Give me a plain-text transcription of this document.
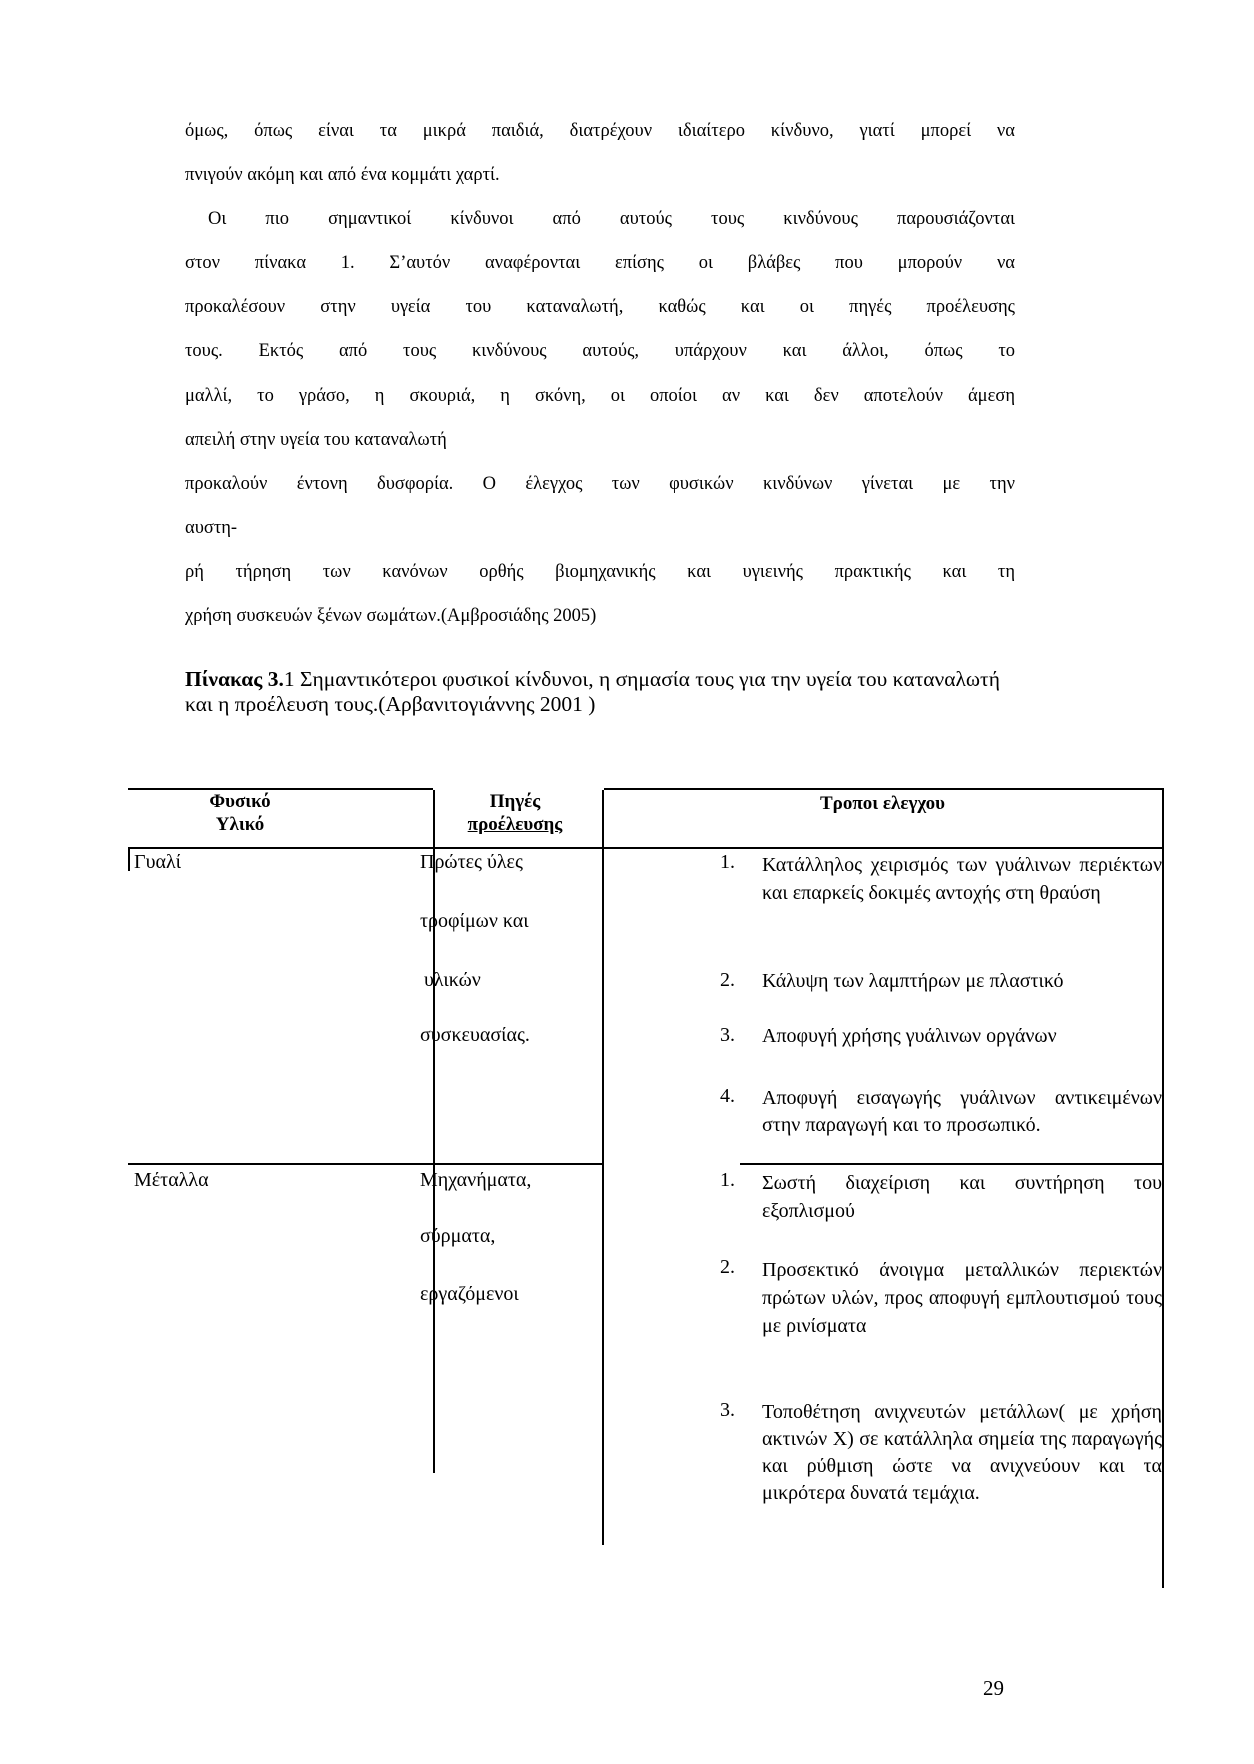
όμως, όπως είναι τα μικρά παιδιά, διατρέχουν ιδιαίτερο κίνδυνο, γιατί μπορεί να
πνιγούν ακόμη και από ένα κομμάτι χαρτί.
Οι πιο σημαντικοί κίνδυνοι από αυτούς τους κινδύνους παρουσιάζονται
στον πίνακα 1. Σ’αυτόν αναφέρονται επίσης οι βλάβες που μπορούν να
προκαλέσουν στην υγεία του καταναλωτή, καθώς και οι πηγές προέλευσης
τους. Εκτός από τους κινδύνους αυτούς, υπάρχουν και άλλοι, όπως το
μαλλί, το γράσο, η σκουριά, η σκόνη, οι οποίοι αν και δεν αποτελούν άμεση
απειλή στην υγεία του καταναλωτή
προκαλούν έντονη δυσφορία. Ο έλεγχος των φυσικών κινδύνων γίνεται με την
αυστη-
ρή τήρηση των κανόνων ορθής βιομηχανικής και υγιεινής πρακτικής και τη
χρήση συσκευών ξένων σωμάτων.(Αμβροσιάδης 2005)
Πίνακας 3.1 Σημαντικότεροι φυσικοί κίνδυνοι, η σημασία τους για την υγεία του καταναλωτή και η προέλευση τους.(Αρβανιτογιάννης 2001 )
Φυσικό
Υλικό
Πηγές
προέλευσης
Τροποι ελεγχου
Γυαλί	Πρώτες ύλες
τροφίμων και
υλικών
συσκευασίας.
1. Κατάλληλος χειρισμός των γυάλινων περιέκτων και επαρκείς δοκιμές αντοχής στη θραύση
2. Κάλυψη των λαμπτήρων με πλαστικό
3. Αποφυγή χρήσης γυάλινων οργάνων
4. Αποφυγή εισαγωγής γυάλινων αντικειμένων στην παραγωγή και το προσωπικό.
Μέταλλα	Μηχανήματα,
σύρματα,
εργαζόμενοι
1. Σωστή διαχείριση και συντήρηση του εξοπλισμού
2. Προσεκτικό άνοιγμα μεταλλικών περιεκτών πρώτων υλών, προς αποφυγή εμπλουτισμού τους με ρινίσματα
3. Τοποθέτηση ανιχνευτών μετάλλων( με χρήση ακτινών Χ) σε κατάλληλα σημεία της παραγωγής και ρύθμιση ώστε να ανιχνεύουν και τα μικρότερα δυνατά τεμάχια.
29
